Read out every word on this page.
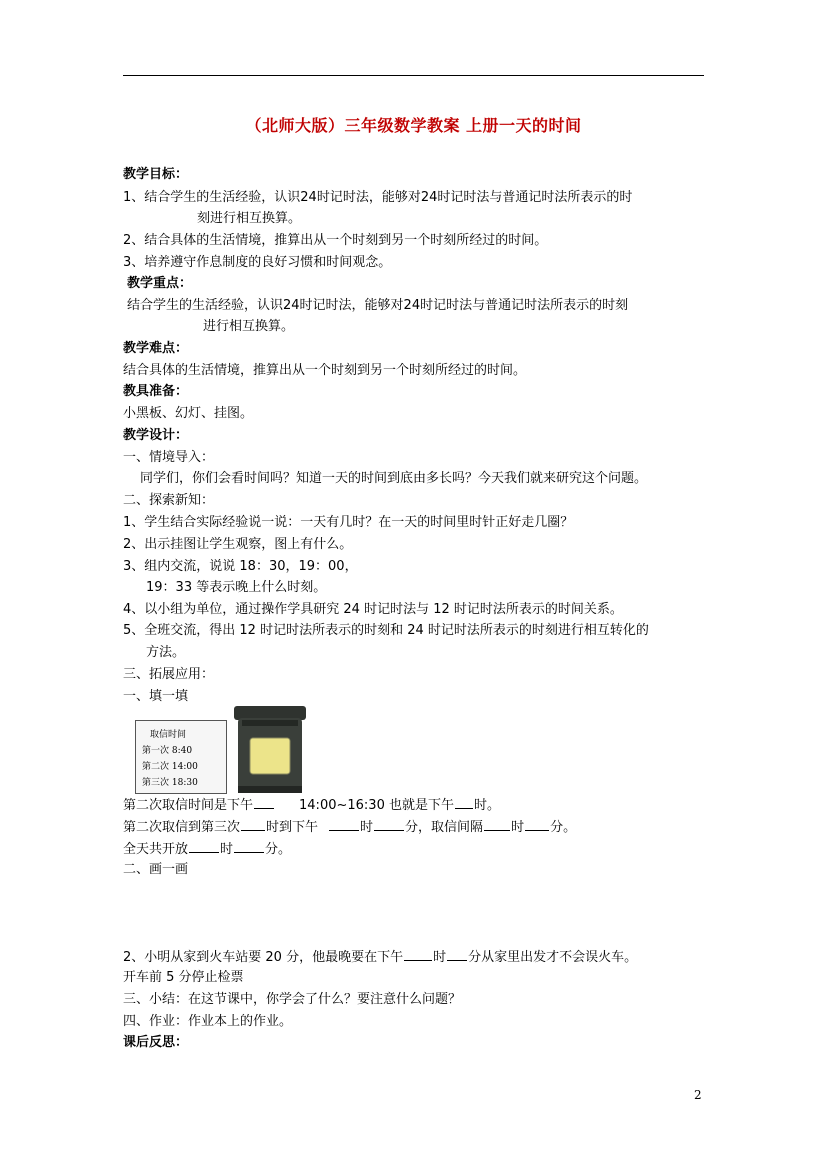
（北师大版）三年级数学教案 上册一天的时间
教学目标：
1、结合学生的生活经验，认识24时记时法，能够对24时记时法与普通记时法所表示的时
刻进行相互换算。
2、结合具体的生活情境，推算出从一个时刻到另一个时刻所经过的时间。
3、培养遵守作息制度的良好习惯和时间观念。
教学重点：
结合学生的生活经验，认识24时记时法，能够对24时记时法与普通记时法所表示的时刻
进行相互换算。
教学难点：
结合具体的生活情境，推算出从一个时刻到另一个时刻所经过的时间。
教具准备：
小黑板、幻灯、挂图。
教学设计：
一、情境导入：
同学们，你们会看时间吗？知道一天的时间到底由多长吗？今天我们就来研究这个问题。
二、探索新知：
1、学生结合实际经验说一说：一天有几时？在一天的时间里时针正好走几圈？
2、出示挂图让学生观察，图上有什么。
3、组内交流，说说 18：30，19：00，
19：33 等表示晚上什么时刻。
4、以小组为单位，通过操作学具研究 24 时记时法与 12 时记时法所表示的时间关系。
5、全班交流，得出 12 时记时法所表示的时刻和 24 时记时法所表示的时刻进行相互转化的
方法。
三、拓展应用：
一、填一填
取信时间
第一次 8:40
第二次 14:00
第三次 18:30
第二次取信时间是下午	14:00~16:30 也就是下午 时。
第二次取信到第三次 时到下午	时 分，取信间隔 时 分。
全天共开放 时 分。
二、画一画
2、小明从家到火车站要 20 分，他最晚要在下午 时 分从家里出发才不会误火车。
开车前 5 分停止检票
三、小结：在这节课中，你学会了什么？要注意什么问题？
四、作业：作业本上的作业。
课后反思：
2
